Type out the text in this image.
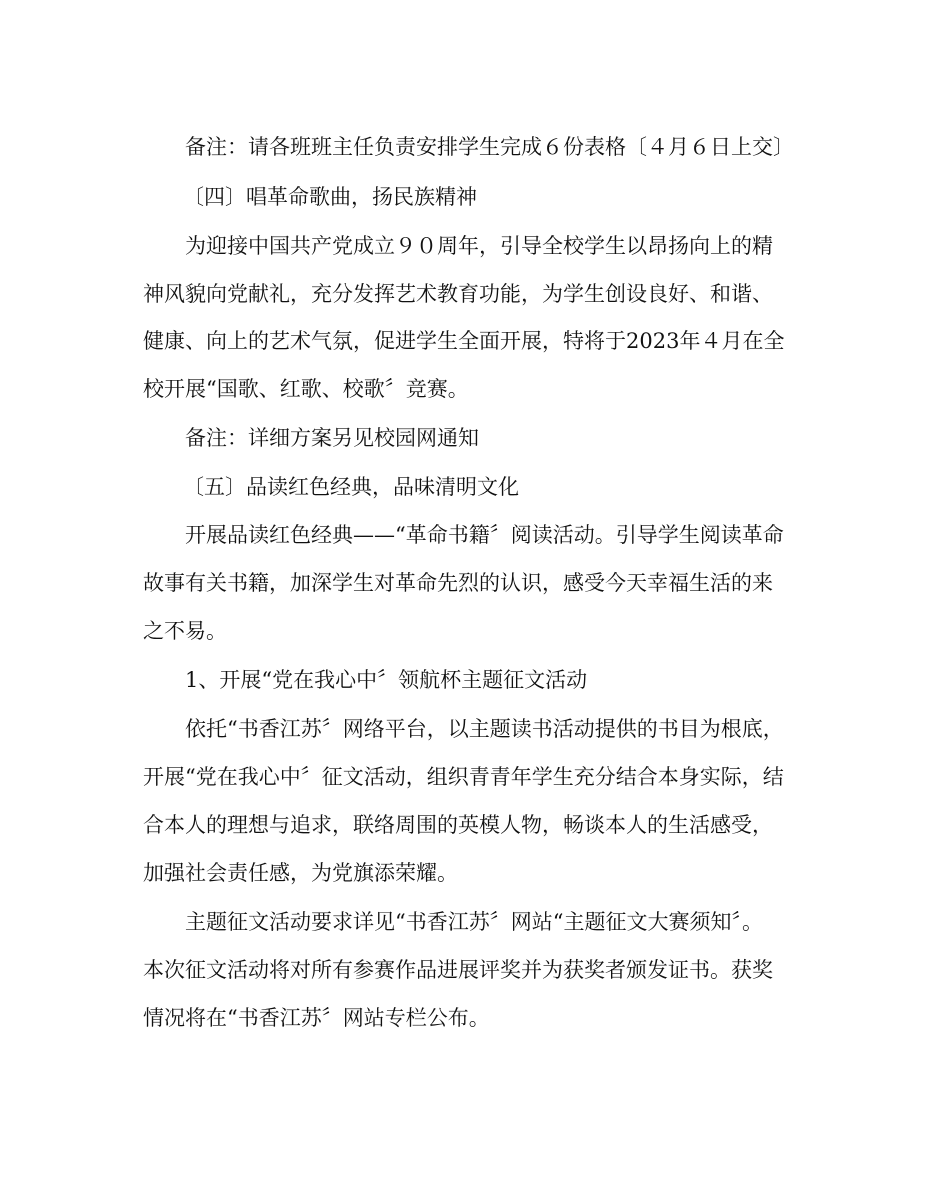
备注：请各班班主任负责安排学生完成６份表格〔４月６日上交〕
〔四〕唱革命歌曲，扬民族精神
为迎接中国共产党成立９０周年，引导全校学生以昂扬向上的精
神风貌向党献礼，充分发挥艺术教育功能，为学生创设良好、和谐、
健康、向上的艺术气氛，促进学生全面开展，特将于2023年４月在全
校开展“国歌、红歌、校歌〞竞赛。
备注：详细方案另见校园网通知
〔五〕品读红色经典，品味清明文化
开展品读红色经典——“革命书籍〞阅读活动。引导学生阅读革命
故事有关书籍，加深学生对革命先烈的认识，感受今天幸福生活的来
之不易。
1、开展“党在我心中〞领航杯主题征文活动
依托“书香江苏〞网络平台，以主题读书活动提供的书目为根底，
开展“党在我心中〞征文活动，组织青青年学生充分结合本身实际，结
合本人的理想与追求，联络周围的英模人物，畅谈本人的生活感受，
加强社会责任感，为党旗添荣耀。
主题征文活动要求详见“书香江苏〞网站“主题征文大赛须知〞。
本次征文活动将对所有参赛作品进展评奖并为获奖者颁发证书。获奖
情况将在“书香江苏〞网站专栏公布。
